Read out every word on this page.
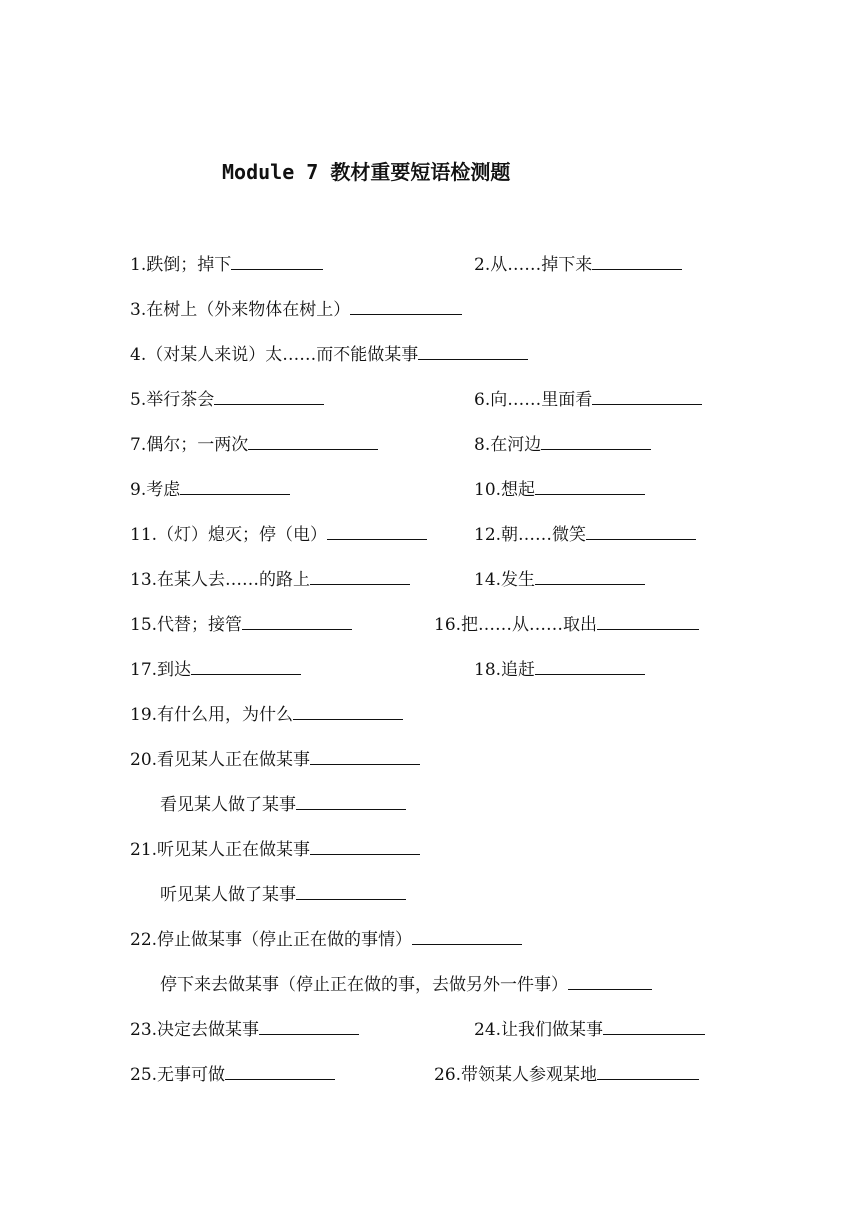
Module 7 教材重要短语检测题
1.跌倒；掉下	2.从……掉下来
3.在树上（外来物体在树上）
4.（对某人来说）太……而不能做某事
5.举行茶会	6.向……里面看
7.偶尔；一两次	8.在河边
9.考虑	10.想起
11.（灯）熄灭；停（电）	12.朝……微笑
13.在某人去……的路上	14.发生
15.代替；接管	16.把……从……取出
17.到达	18.追赶
19.有什么用，为什么
20.看见某人正在做某事
看见某人做了某事
21.听见某人正在做某事
听见某人做了某事
22.停止做某事（停止正在做的事情）
停下来去做某事（停止正在做的事，去做另外一件事）
23.决定去做某事	24.让我们做某事
25.无事可做	26.带领某人参观某地
